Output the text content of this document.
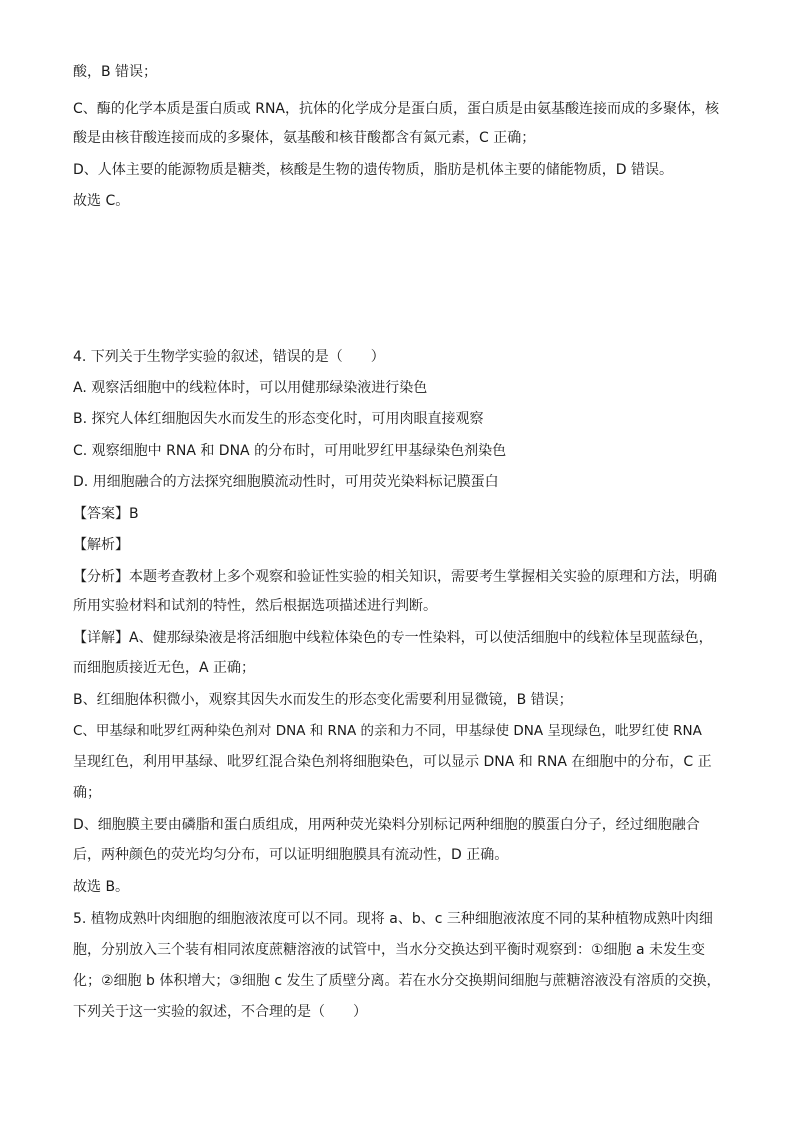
酸，B 错误；
C、酶的化学本质是蛋白质或 RNA，抗体的化学成分是蛋白质，蛋白质是由氨基酸连接而成的多聚体，核
酸是由核苷酸连接而成的多聚体，氨基酸和核苷酸都含有氮元素，C 正确；
D、人体主要的能源物质是糖类，核酸是生物的遗传物质，脂肪是机体主要的储能物质，D 错误。
故选 C。
4. 下列关于生物学实验的叙述，错误的是（　　）
A. 观察活细胞中的线粒体时，可以用健那绿染液进行染色
B. 探究人体红细胞因失水而发生的形态变化时，可用肉眼直接观察
C. 观察细胞中 RNA 和 DNA 的分布时，可用吡罗红甲基绿染色剂染色
D. 用细胞融合的方法探究细胞膜流动性时，可用荧光染料标记膜蛋白
【答案】B
【解析】
【分析】本题考查教材上多个观察和验证性实验的相关知识，需要考生掌握相关实验的原理和方法，明确
所用实验材料和试剂的特性，然后根据选项描述进行判断。
【详解】A、健那绿染液是将活细胞中线粒体染色的专一性染料，可以使活细胞中的线粒体呈现蓝绿色，
而细胞质接近无色，A 正确；
B、红细胞体积微小，观察其因失水而发生的形态变化需要利用显微镜，B 错误；
C、甲基绿和吡罗红两种染色剂对 DNA 和 RNA 的亲和力不同，甲基绿使 DNA 呈现绿色，吡罗红使 RNA
呈现红色，利用甲基绿、吡罗红混合染色剂将细胞染色，可以显示 DNA 和 RNA 在细胞中的分布，C 正
确；
D、细胞膜主要由磷脂和蛋白质组成，用两种荧光染料分别标记两种细胞的膜蛋白分子，经过细胞融合
后，两种颜色的荧光均匀分布，可以证明细胞膜具有流动性，D 正确。
故选 B。
5. 植物成熟叶肉细胞的细胞液浓度可以不同。现将 a、b、c 三种细胞液浓度不同的某种植物成熟叶肉细
胞，分别放入三个装有相同浓度蔗糖溶液的试管中，当水分交换达到平衡时观察到：①细胞 a 未发生变
化；②细胞 b 体积增大；③细胞 c 发生了质壁分离。若在水分交换期间细胞与蔗糖溶液没有溶质的交换，
下列关于这一实验的叙述，不合理的是（　　）
